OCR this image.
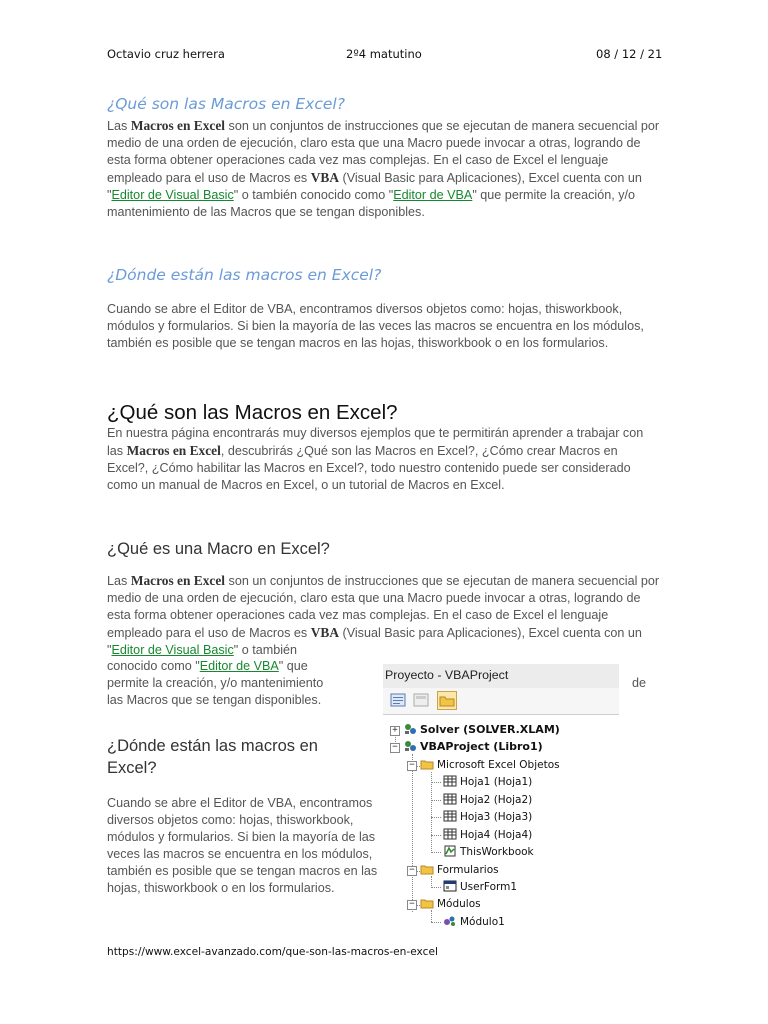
Octavio cruz herrera	2º4 matutino	08 / 12 / 21
¿Qué son las Macros en Excel?

Las Macros en Excel son un conjuntos de instrucciones que se ejecutan de manera secuencial por medio de una orden de ejecución, claro esta que una Macro puede invocar a otras, logrando de esta forma obtener operaciones cada vez mas complejas. En el caso de Excel el lenguaje empleado para el uso de Macros es VBA (Visual Basic para Aplicaciones), Excel cuenta con un "Editor de Visual Basic" o también conocido como "Editor de VBA" que permite la creación, y/o mantenimiento de las Macros que se tengan disponibles.

¿Dónde están las macros en Excel?
Cuando se abre el Editor de VBA, encontramos diversos objetos como: hojas, thisworkbook, módulos y formularios. Si bien la mayoría de las veces las macros se encuentra en los módulos, también es posible que se tengan macros en las hojas, thisworkbook o en los formularios.
¿Qué son las Macros en Excel?

En nuestra página encontrarás muy diversos ejemplos que te permitirán aprender a trabajar con las Macros en Excel, descubrirás ¿Qué son las Macros en Excel?, ¿Cómo crear Macros en Excel?, ¿Cómo habilitar las Macros en Excel?, todo nuestro contenido puede ser considerado como un manual de Macros en Excel, o un tutorial de Macros en Excel.

¿Qué es una Macro en Excel?

Las Macros en Excel son un conjuntos de instrucciones que se ejecutan de manera secuencial por medio de una orden de ejecución, claro esta que una Macro puede invocar a otras, logrando de esta forma obtener operaciones cada vez mas complejas. En el caso de Excel el lenguaje empleado para el uso de Macros es VBA (Visual Basic para Aplicaciones), Excel cuenta con un "Editor de Visual Basic" o también

conocido como "Editor de VBA" que

permite la creación, y/o mantenimiento

las Macros que se tengan disponibles.

de
¿Dónde están las macros en Excel?
Cuando se abre el Editor de VBA, encontramos diversos objetos como: hojas, thisworkbook, módulos y formularios. Si bien la mayoría de las veces las macros se encuentra en los módulos, también es posible que se tengan macros en las hojas, thisworkbook o en los formularios.
Proyecto - VBAProject
+
−
−
−
−
Solver (SOLVER.XLAM)
VBAProject (Libro1)
Microsoft Excel Objetos
Hoja1 (Hoja1)
Hoja2 (Hoja2)
Hoja3 (Hoja3)
Hoja4 (Hoja4)
ThisWorkbook
Formularios
UserForm1
Módulos
Módulo1
https://www.excel-avanzado.com/que-son-las-macros-en-excel
